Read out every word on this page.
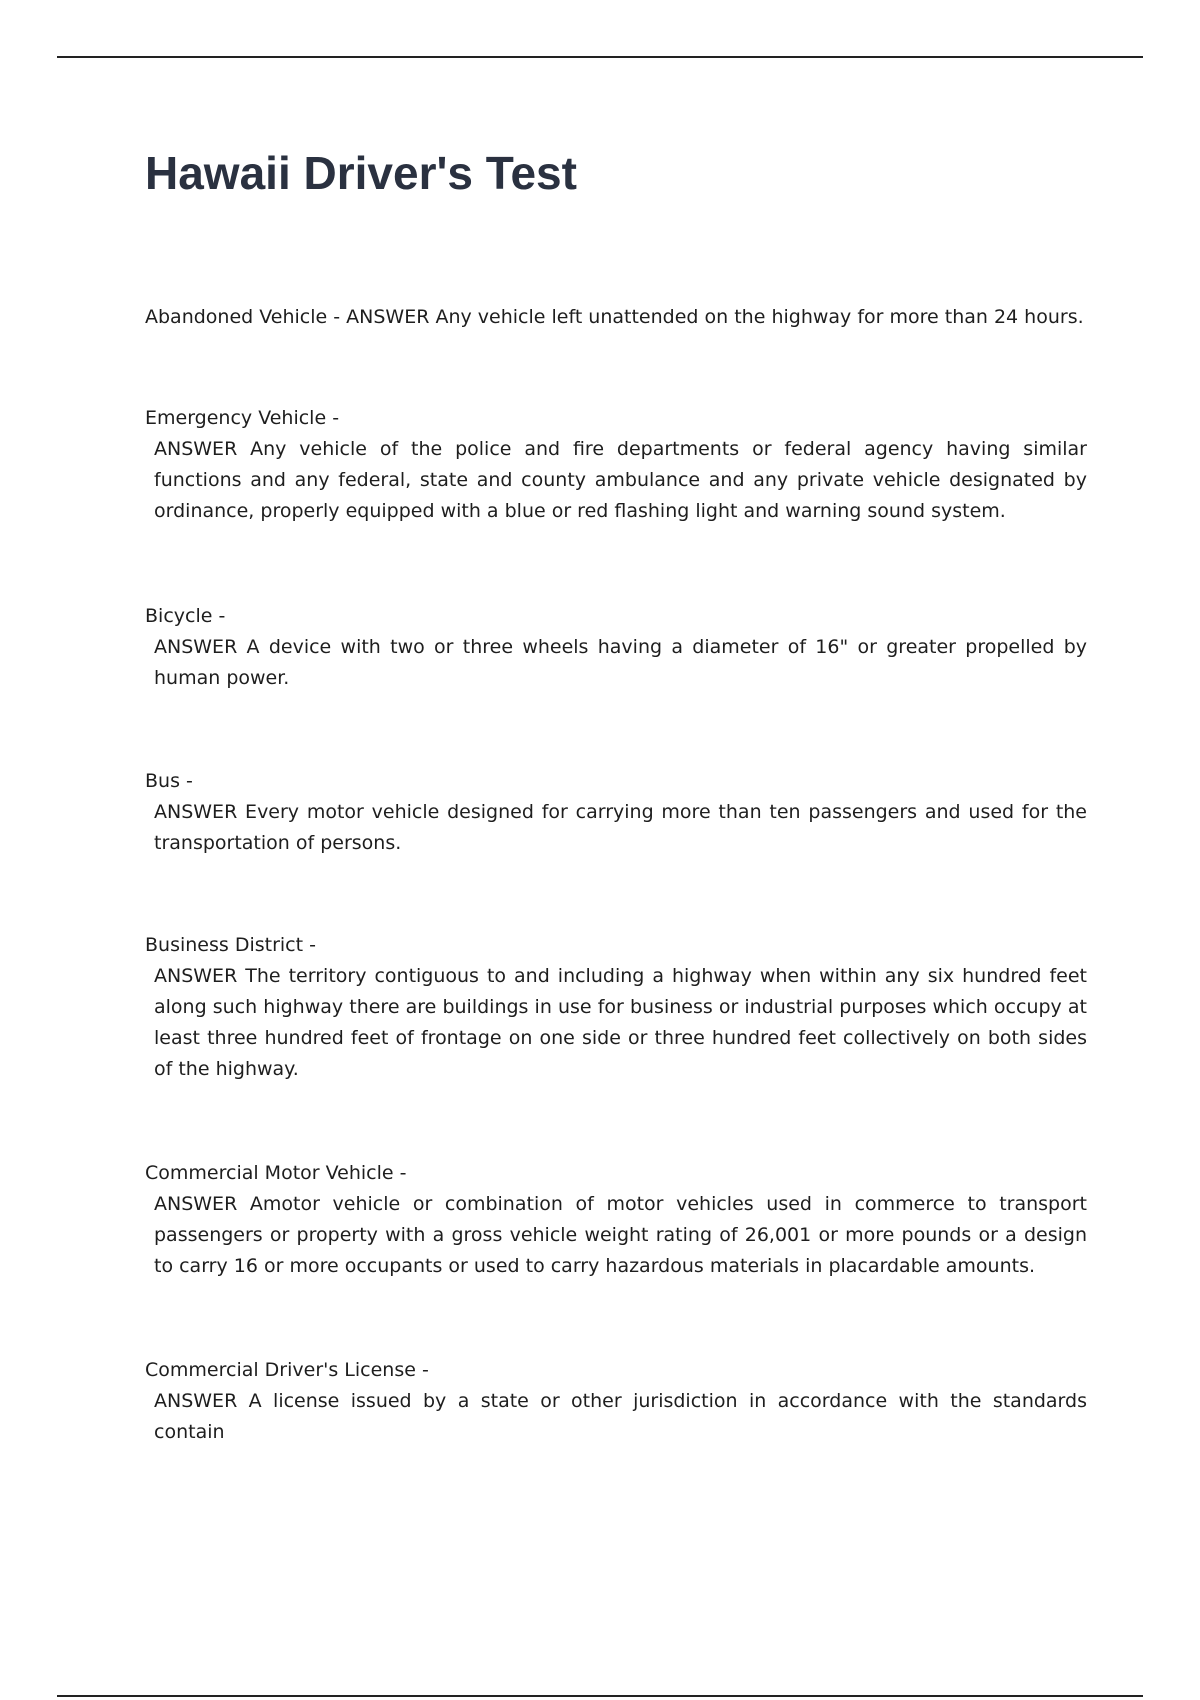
Hawaii Driver's Test

Abandoned Vehicle - ANSWER Any vehicle left unattended on the highway for more than 24 hours.

Emergency Vehicle -
ANSWER Any vehicle of the police and fire departments or federal agency having similar functions and any federal, state and county ambulance and any private vehicle designated by ordinance, properly equipped with a blue or red flashing light and warning sound system.

Bicycle -
ANSWER A device with two or three wheels having a diameter of 16" or greater propelled by human power.

Bus -
ANSWER Every motor vehicle designed for carrying more than ten passengers and used for the transportation of persons.

Business District -
ANSWER The territory contiguous to and including a highway when within any six hundred feet along such highway there are buildings in use for business or industrial purposes which occupy at least three hundred feet of frontage on one side or three hundred feet collectively on both sides of the highway.

Commercial Motor Vehicle -
ANSWER Amotor vehicle or combination of motor vehicles used in commerce to transport passengers or property with a gross vehicle weight rating of 26,001 or more pounds or a design to carry 16 or more occupants or used to carry hazardous materials in placardable amounts.

Commercial Driver's License -
ANSWER A license issued by a state or other jurisdiction in accordance with the standards contain
